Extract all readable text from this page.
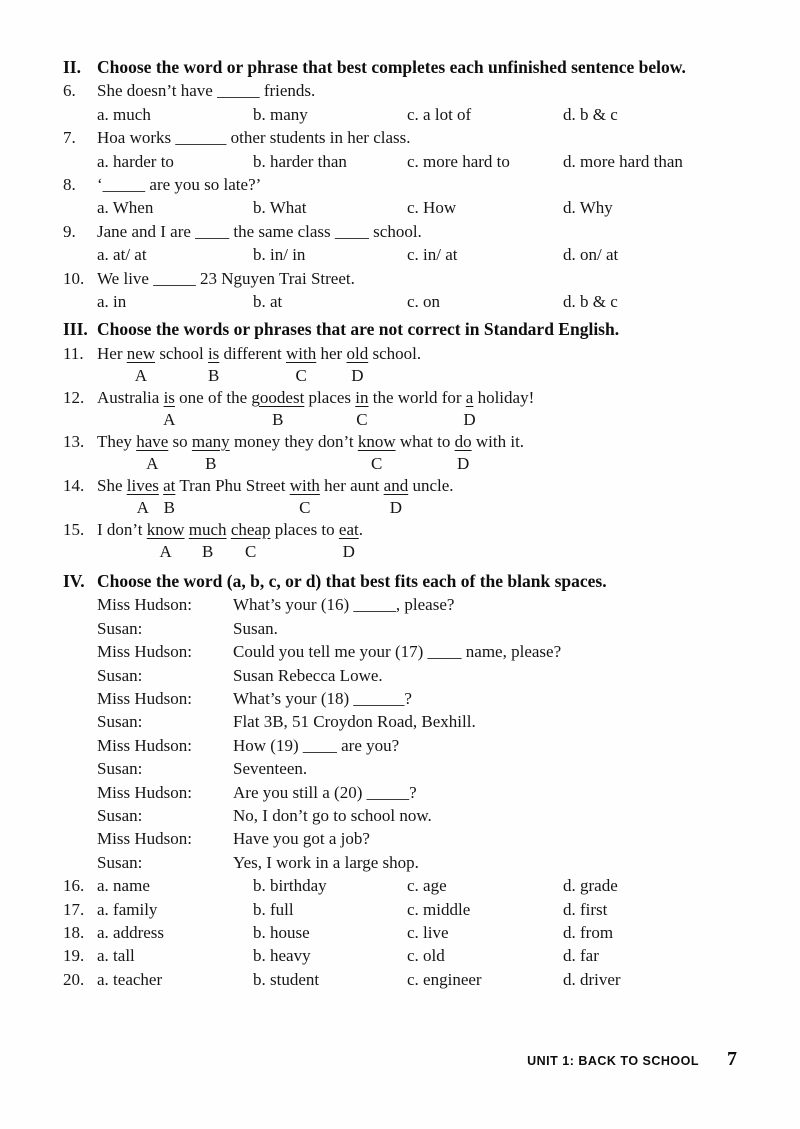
II. Choose the word or phrase that best completes each unfinished sentence below.
6.	She doesn’t have _____ friends.
a. much	b. many	c. a lot of	d. b & c
7.	Hoa works ______ other students in her class.
a. harder to	b. harder than	c. more hard to	d. more hard than
8.	‘_____ are you so late?’
a. When	b. What	c. How	d. Why
9.	Jane and I are ____ the same class ____ school.
a. at/ at	b. in/ in	c. in/ at	d. on/ at
10. We live _____ 23 Nguyen Trai Street.
a. in	b. at	c. on	d. b & c
III. Choose the words or phrases that are not correct in Standard English.
11. Her new
A
school is
B
different with
C
her old
D
school.
12. Australia is
A
one of the goodest
B
places in
C
the world for a
D
holiday!
13. They have
A
so many
B
money they don’t know
C
what to do
D
with it.
14. She lives
A
at
B
Tran Phu Street with
C
her aunt and
D
uncle.
15. I don’t know
A
much
B
cheap
C
places to eat
D
.
IV. Choose the word (a, b, c, or d) that best fits each of the blank spaces.
Miss Hudson:	What’s your (16) _____, please?
Susan:	Susan.
Miss Hudson:	Could you tell me your (17) ____ name, please?
Susan:	Susan Rebecca Lowe.
Miss Hudson:	What’s your (18) ______?
Susan:	Flat 3B, 51 Croydon Road, Bexhill.
Miss Hudson:	How (19) ____ are you?
Susan:	Seventeen.
Miss Hudson:	Are you still a (20) _____?
Susan:	No, I don’t go to school now.
Miss Hudson:	Have you got a job?
Susan:	Yes, I work in a large shop.
16. a. name	b. birthday	c. age	d. grade
17. a. family	b. full	c. middle	d. first
18. a. address	b. house	c. live	d. from
19. a. tall	b. heavy	c. old	d. far
20. a. teacher	b. student	c. engineer	d. driver
UNIT 1: BACK TO SCHOOL 7
